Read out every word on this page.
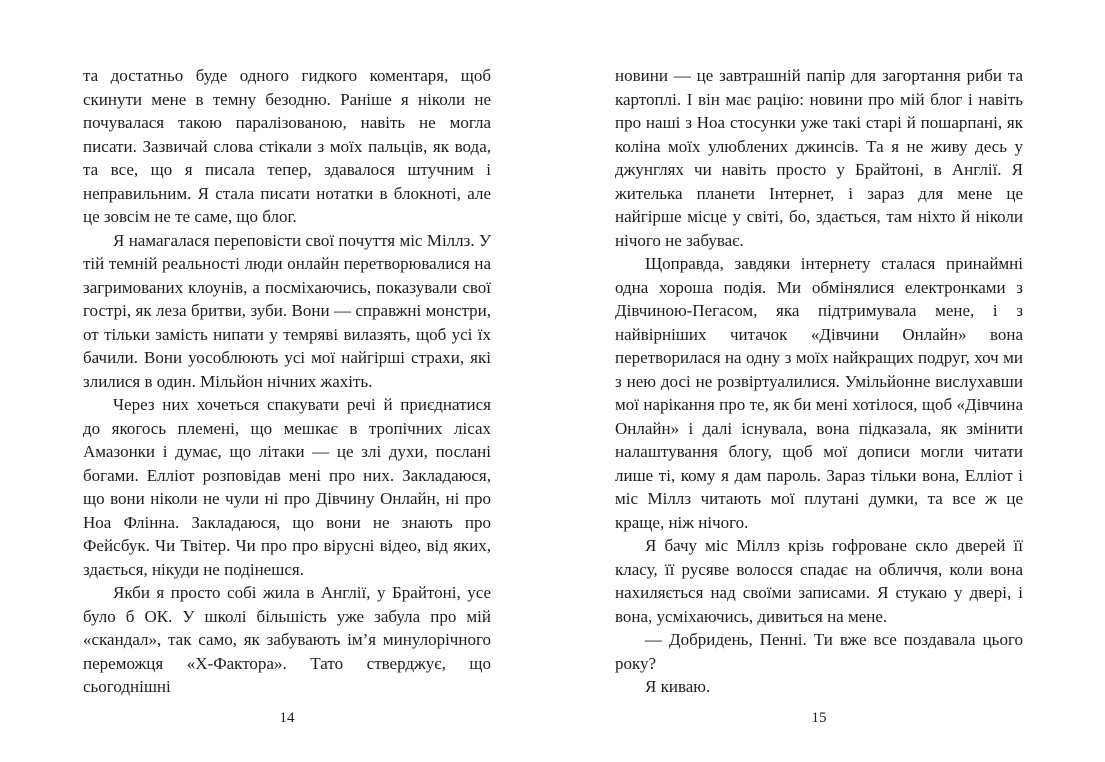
та достатньо буде одного гидкого коментаря, щоб скинути мене в темну безодню. Раніше я ніколи не почувалася такою паралізованою, навіть не могла писати. Зазвичай слова стікали з моїх пальців, як вода, та все, що я писала тепер, здавалося штучним і неправильним. Я стала писати нотатки в блокноті, але це зовсім не те саме, що блог.

Я намагалася переповісти свої почуття міс Міллз. У тій темній реальності люди онлайн перетворювалися на загримованих клоунів, а посміхаючись, показували свої гострі, як леза бритви, зуби. Вони — справжні монстри, от тільки замість нипати у темряві вилазять, щоб усі їх бачили. Вони уособлюють усі мої найгірші страхи, які злилися в один. Мільйон нічних жахіть.

Через них хочеться спакувати речі й приєднатися до якогось племені, що мешкає в тропічних лісах Амазонки і думає, що літаки — це злі духи, послані богами. Елліот розповідав мені про них. Закладаюся, що вони ніколи не чули ні про Дівчину Онлайн, ні про Ноа Флінна. Закладаюся, що вони не знають про Фейсбук. Чи Твітер. Чи про про вірусні відео, від яких, здається, нікуди не подінешся.

Якби я просто собі жила в Англії, у Брайтоні, усе було б ОК. У школі більшість уже забула про мій «скандал», так само, як забувають ім’я минулорічного переможця «Х-Фактора». Тато стверджує, що сьогоднішні

14

новини — це завтрашній папір для загортання риби та картоплі. І він має рацію: новини про мій блог і навіть про наші з Ноа стосунки уже такі старі й пошарпані, як коліна моїх улюблених джинсів. Та я не живу десь у джунглях чи навіть просто у Брайтоні, в Англії. Я жителька планети Інтернет, і зараз для мене це найгірше місце у світі, бо, здається, там ніхто й ніколи нічого не забуває.

Щоправда, завдяки інтернету сталася принаймні одна хороша подія. Ми обмінялися електронками з Дівчиною-Пегасом, яка підтримувала мене, і з найвірніших читачок «Дівчини Онлайн» вона перетворилася на одну з моїх найкращих подруг, хоч ми з нею досі не розвіртуалилися. Умільйонне вислухавши мої нарікання про те, як би мені хотілося, щоб «Дівчина Онлайн» і далі існувала, вона підказала, як змінити налаштування блогу, щоб мої дописи могли читати лише ті, кому я дам пароль. Зараз тільки вона, Елліот і міс Міллз читають мої плутані думки, та все ж це краще, ніж нічого.

Я бачу міс Міллз крізь гофроване скло дверей її класу, її русяве волосся спадає на обличчя, коли вона нахиляється над своїми записами. Я стукаю у двері, і вона, усміхаючись, дивиться на мене.

— Добридень, Пенні. Ти вже все поздавала цього року?

Я киваю.

15
